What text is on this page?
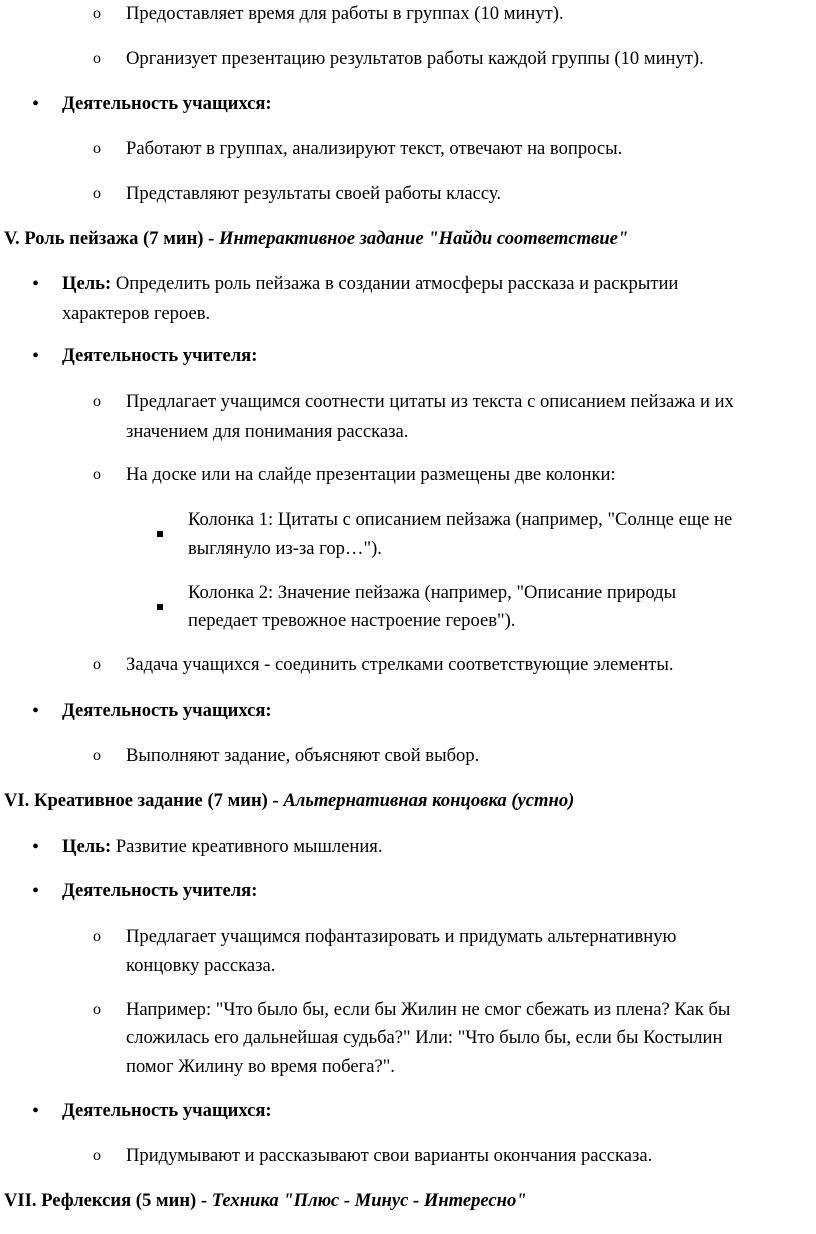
o Предоставляет время для работы в группах (10 минут).
o Организует презентацию результатов работы каждой группы (10 минут).
• Деятельность учащихся:
o Работают в группах, анализируют текст, отвечают на вопросы.
o Представляют результаты своей работы классу.
V. Роль пейзажа (7 мин) - Интерактивное задание "Найди соответствие"
• Цель: Определить роль пейзажа в создании атмосферы рассказа и раскрытии
характеров героев.
• Деятельность учителя:
o Предлагает учащимся соотнести цитаты из текста с описанием пейзажа и их
значением для понимания рассказа.
o На доске или на слайде презентации размещены две колонки:
Колонка 1: Цитаты с описанием пейзажа (например, "Солнце еще не
выглянуло из-за гор…").
Колонка 2: Значение пейзажа (например, "Описание природы
передает тревожное настроение героев").
o Задача учащихся - соединить стрелками соответствующие элементы.
• Деятельность учащихся:
o Выполняют задание, объясняют свой выбор.
VI. Креативное задание (7 мин) - Альтернативная концовка (устно)
• Цель: Развитие креативного мышления.
• Деятельность учителя:
o Предлагает учащимся пофантазировать и придумать альтернативную
концовку рассказа.
o Например: "Что было бы, если бы Жилин не смог сбежать из плена? Как бы
сложилась его дальнейшая судьба?" Или: "Что было бы, если бы Костылин
помог Жилину во время побега?".
• Деятельность учащихся:
o Придумывают и рассказывают свои варианты окончания рассказа.
VII. Рефлексия (5 мин) - Техника "Плюс - Минус - Интересно"
